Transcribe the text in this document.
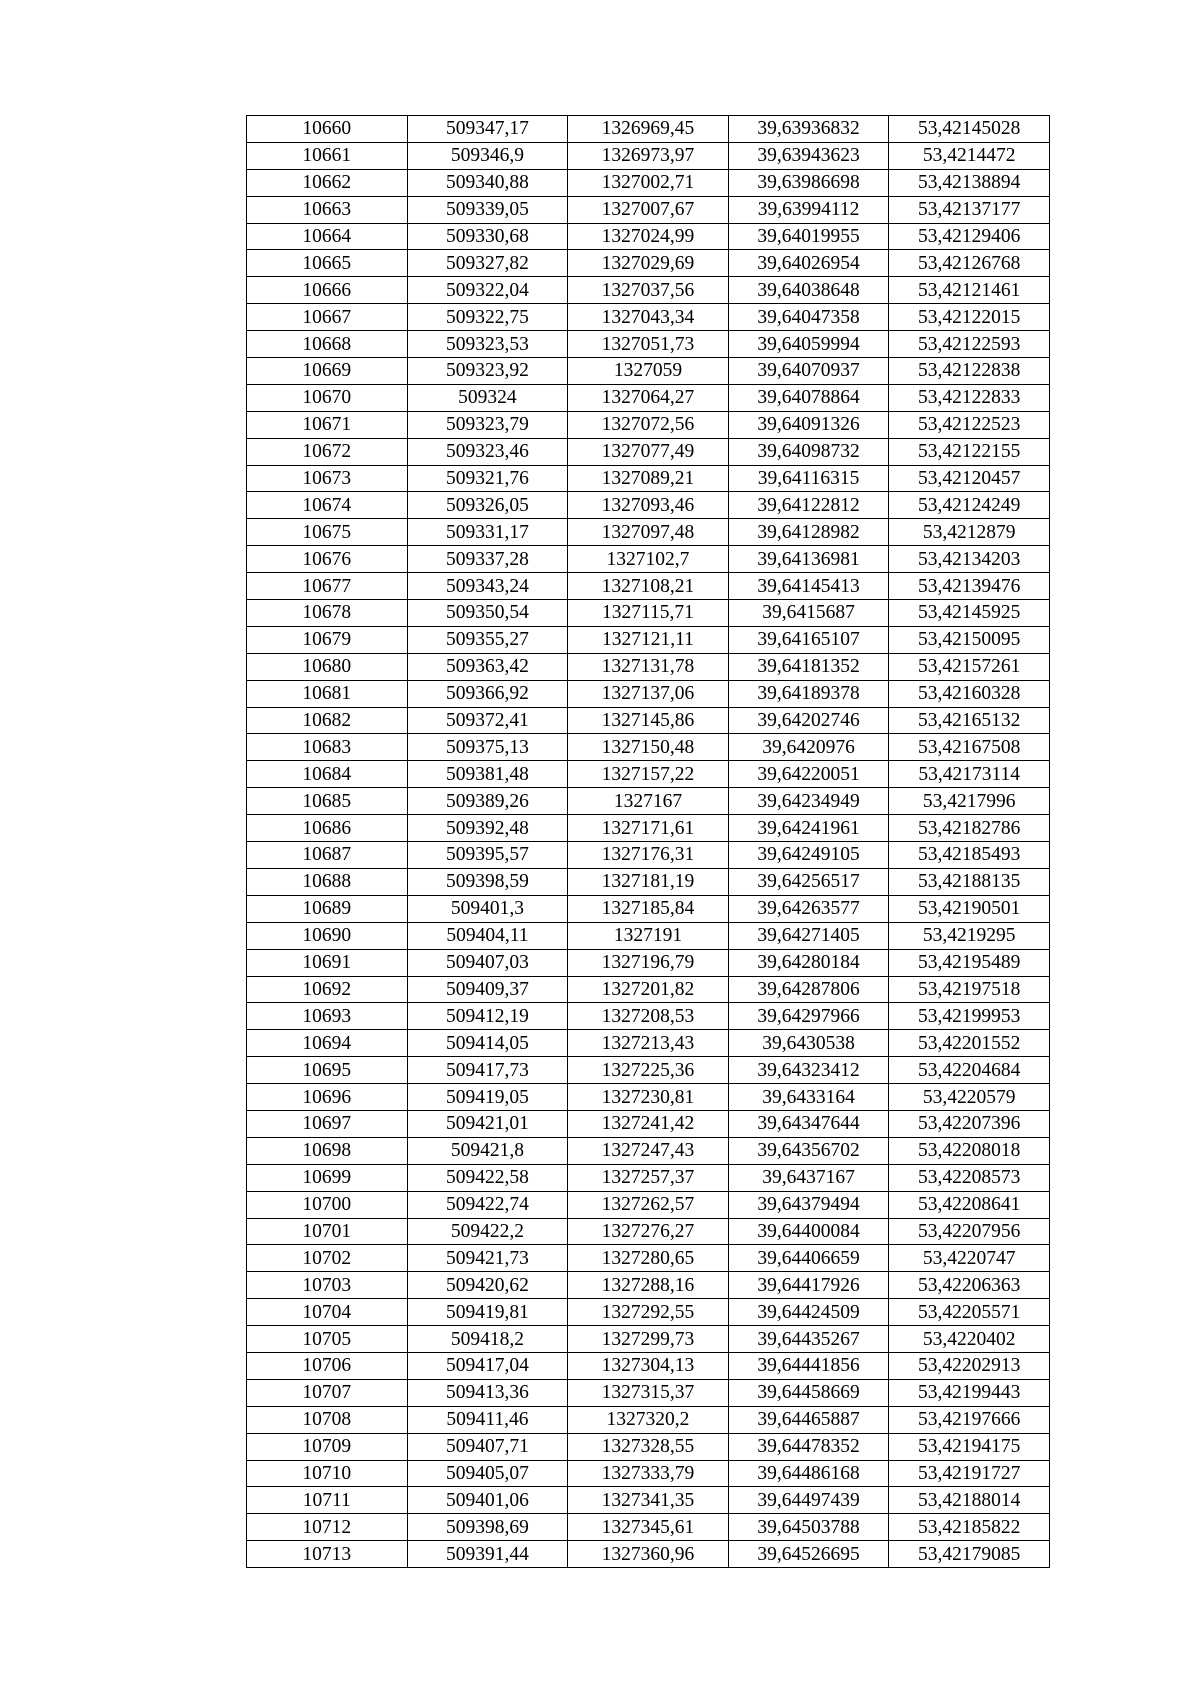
10660	509347,17	1326969,45	39,63936832	53,42145028
10661	509346,9	1326973,97	39,63943623	53,4214472
10662	509340,88	1327002,71	39,63986698	53,42138894
10663	509339,05	1327007,67	39,63994112	53,42137177
10664	509330,68	1327024,99	39,64019955	53,42129406
10665	509327,82	1327029,69	39,64026954	53,42126768
10666	509322,04	1327037,56	39,64038648	53,42121461
10667	509322,75	1327043,34	39,64047358	53,42122015
10668	509323,53	1327051,73	39,64059994	53,42122593
10669	509323,92	1327059	39,64070937	53,42122838
10670	509324	1327064,27	39,64078864	53,42122833
10671	509323,79	1327072,56	39,64091326	53,42122523
10672	509323,46	1327077,49	39,64098732	53,42122155
10673	509321,76	1327089,21	39,64116315	53,42120457
10674	509326,05	1327093,46	39,64122812	53,42124249
10675	509331,17	1327097,48	39,64128982	53,4212879
10676	509337,28	1327102,7	39,64136981	53,42134203
10677	509343,24	1327108,21	39,64145413	53,42139476
10678	509350,54	1327115,71	39,6415687	53,42145925
10679	509355,27	1327121,11	39,64165107	53,42150095
10680	509363,42	1327131,78	39,64181352	53,42157261
10681	509366,92	1327137,06	39,64189378	53,42160328
10682	509372,41	1327145,86	39,64202746	53,42165132
10683	509375,13	1327150,48	39,6420976	53,42167508
10684	509381,48	1327157,22	39,64220051	53,42173114
10685	509389,26	1327167	39,64234949	53,4217996
10686	509392,48	1327171,61	39,64241961	53,42182786
10687	509395,57	1327176,31	39,64249105	53,42185493
10688	509398,59	1327181,19	39,64256517	53,42188135
10689	509401,3	1327185,84	39,64263577	53,42190501
10690	509404,11	1327191	39,64271405	53,4219295
10691	509407,03	1327196,79	39,64280184	53,42195489
10692	509409,37	1327201,82	39,64287806	53,42197518
10693	509412,19	1327208,53	39,64297966	53,42199953
10694	509414,05	1327213,43	39,6430538	53,42201552
10695	509417,73	1327225,36	39,64323412	53,42204684
10696	509419,05	1327230,81	39,6433164	53,4220579
10697	509421,01	1327241,42	39,64347644	53,42207396
10698	509421,8	1327247,43	39,64356702	53,42208018
10699	509422,58	1327257,37	39,6437167	53,42208573
10700	509422,74	1327262,57	39,64379494	53,42208641
10701	509422,2	1327276,27	39,64400084	53,42207956
10702	509421,73	1327280,65	39,64406659	53,4220747
10703	509420,62	1327288,16	39,64417926	53,42206363
10704	509419,81	1327292,55	39,64424509	53,42205571
10705	509418,2	1327299,73	39,64435267	53,4220402
10706	509417,04	1327304,13	39,64441856	53,42202913
10707	509413,36	1327315,37	39,64458669	53,42199443
10708	509411,46	1327320,2	39,64465887	53,42197666
10709	509407,71	1327328,55	39,64478352	53,42194175
10710	509405,07	1327333,79	39,64486168	53,42191727
10711	509401,06	1327341,35	39,64497439	53,42188014
10712	509398,69	1327345,61	39,64503788	53,42185822
10713	509391,44	1327360,96	39,64526695	53,42179085
